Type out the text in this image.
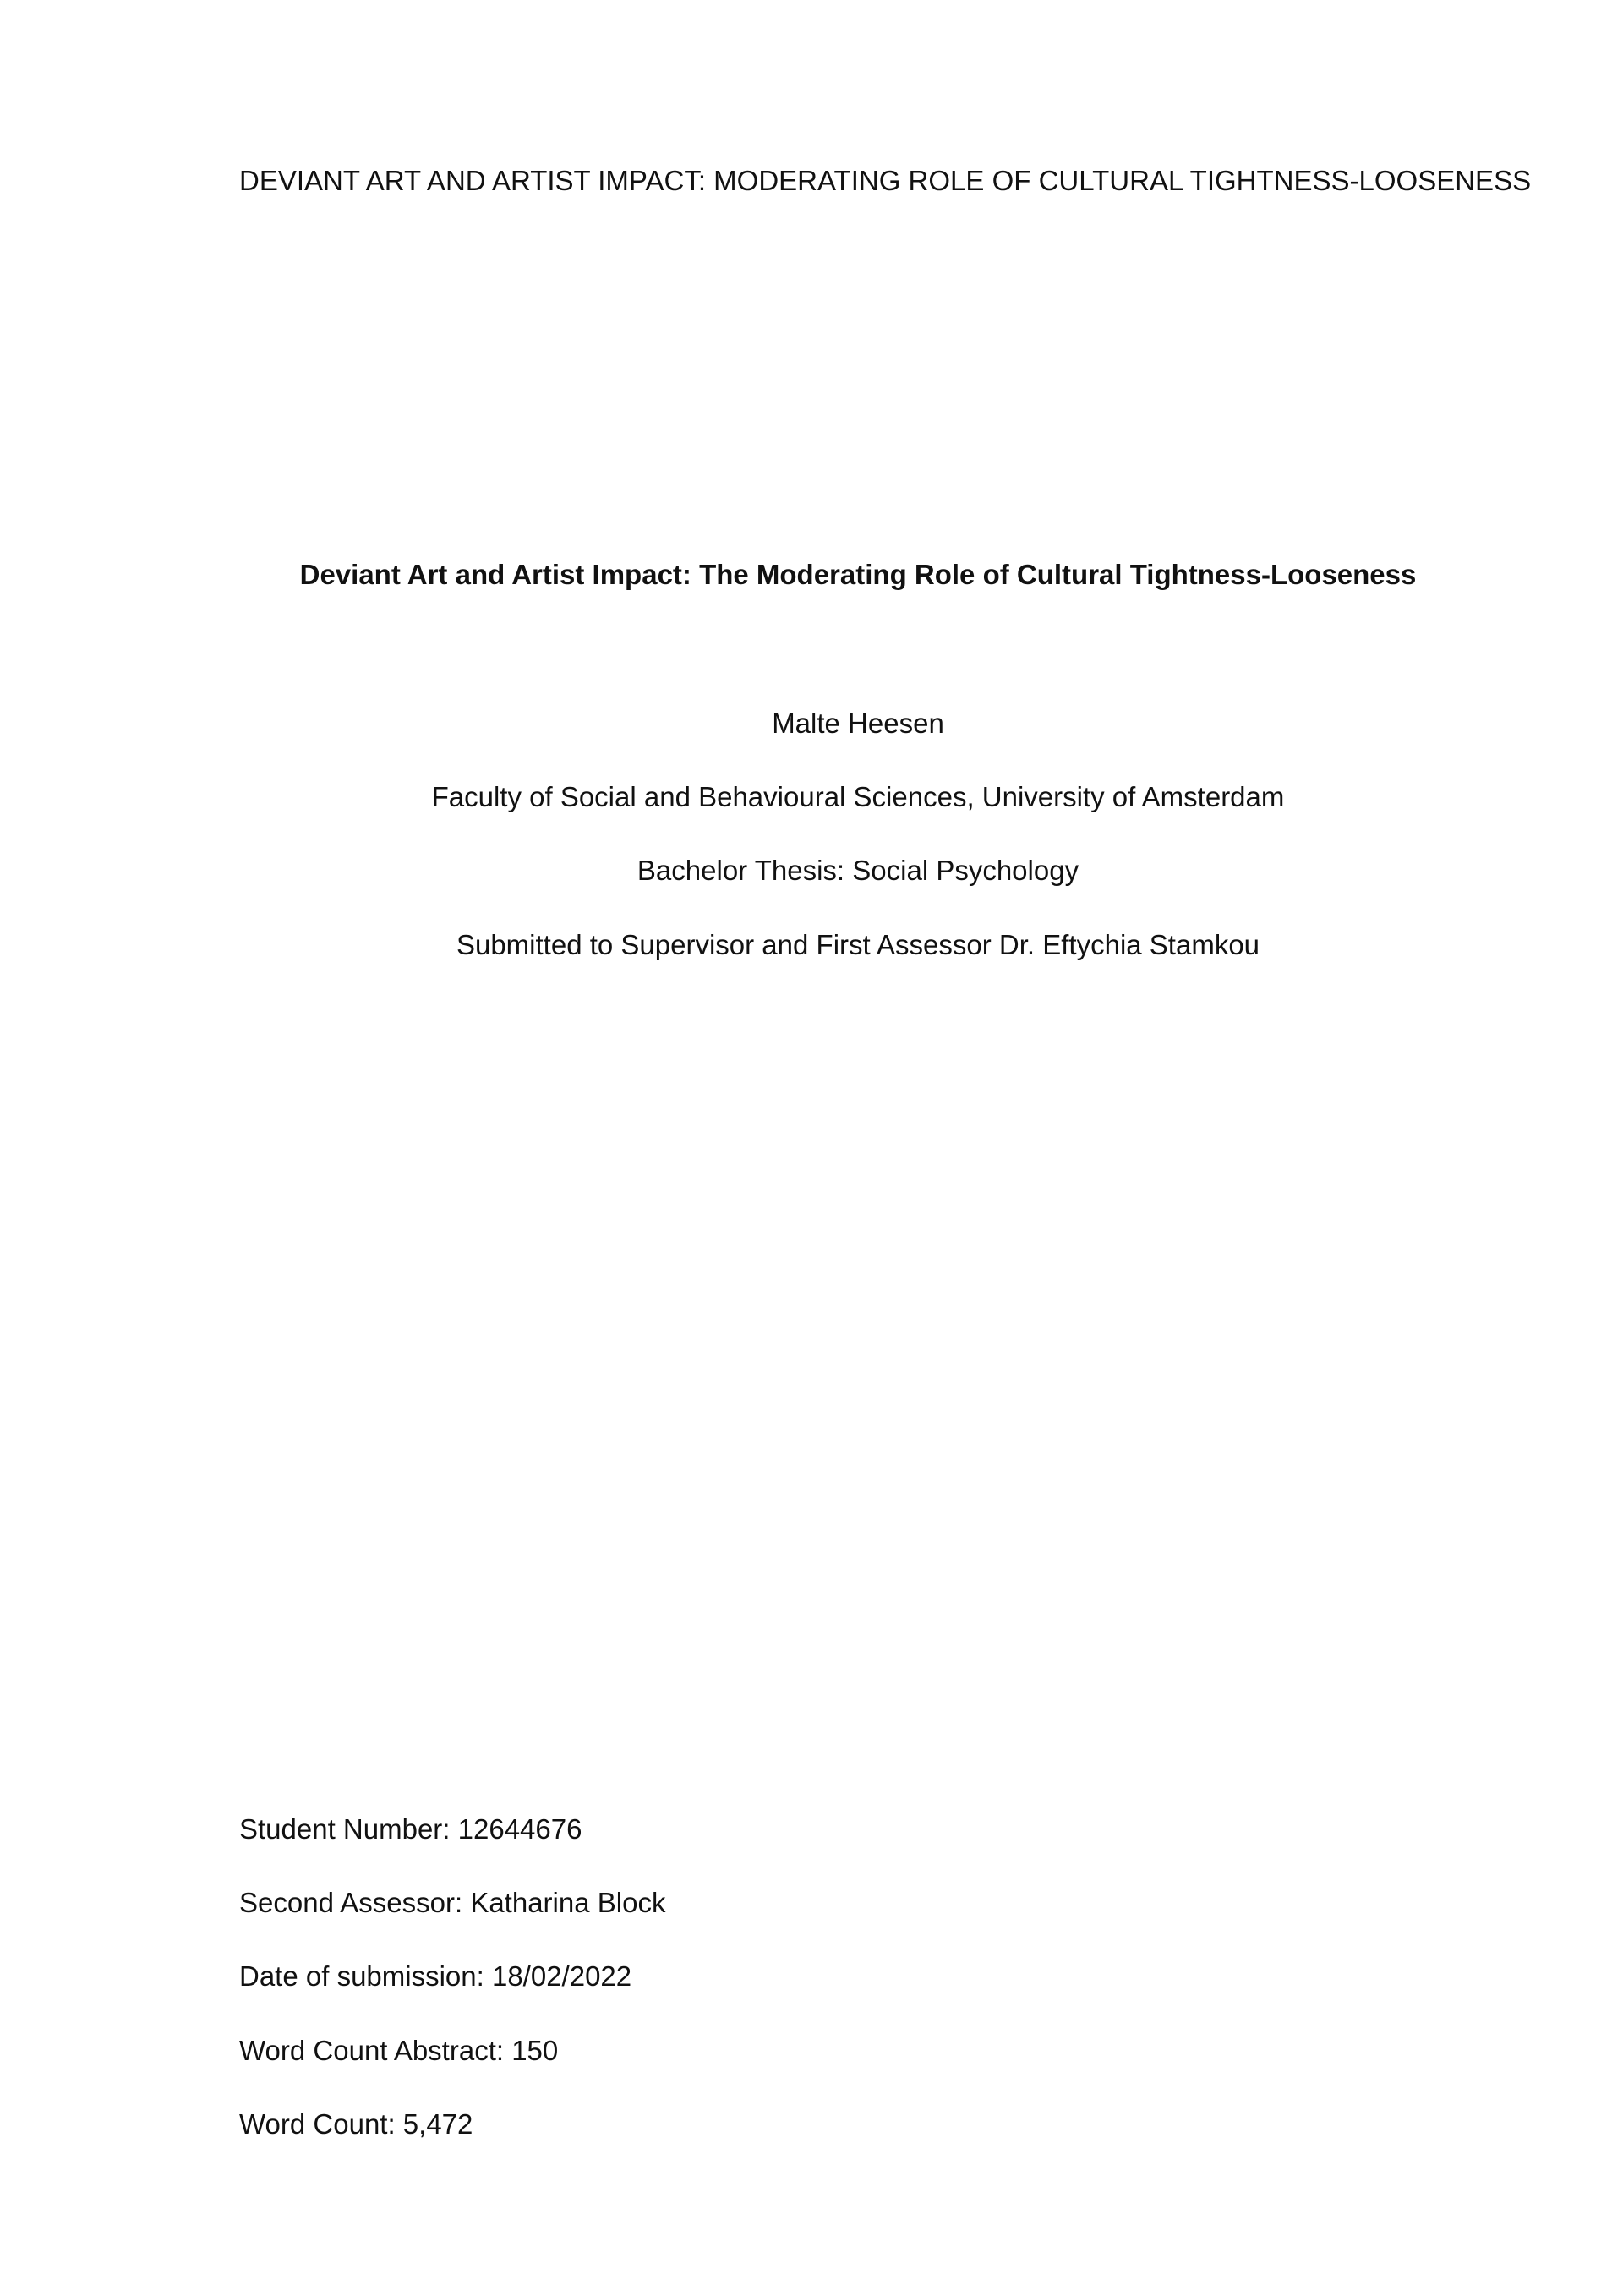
DEVIANT ART AND ARTIST IMPACT: MODERATING ROLE OF CULTURAL TIGHTNESS-LOOSENESS
Deviant Art and Artist Impact: The Moderating Role of Cultural Tightness-Looseness
Malte Heesen
Faculty of Social and Behavioural Sciences, University of Amsterdam
Bachelor Thesis: Social Psychology
Submitted to Supervisor and First Assessor Dr. Eftychia Stamkou
Student Number: 12644676
Second Assessor: Katharina Block
Date of submission: 18/02/2022
Word Count Abstract: 150
Word Count: 5,472
